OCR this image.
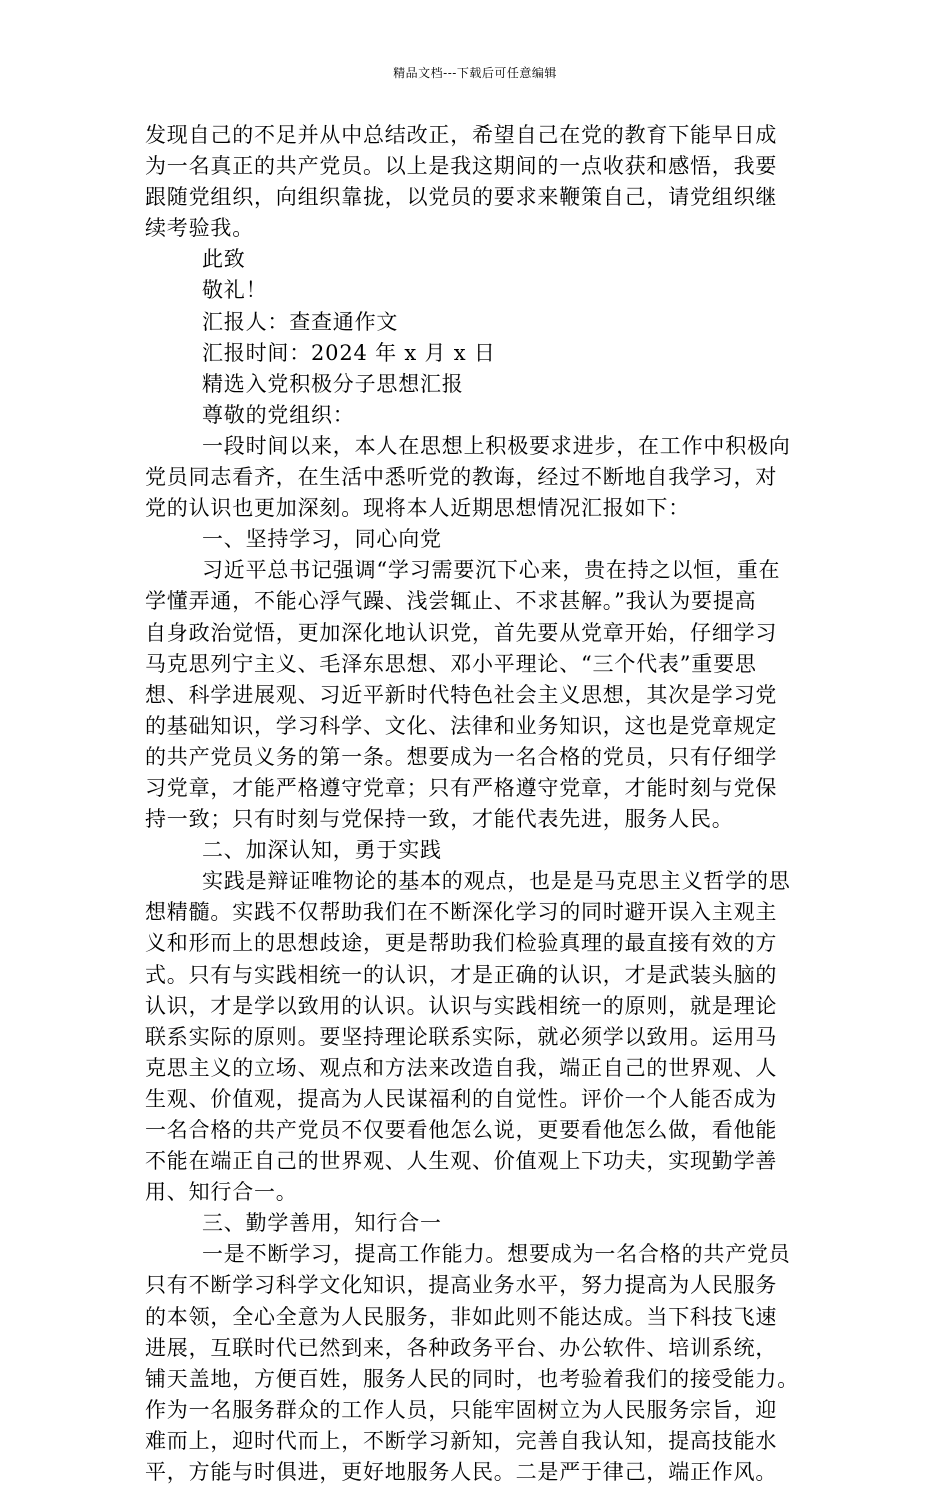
精品文档---下载后可任意编辑

发现自己的不足并从中总结改正，希望自己在党的教育下能早日成

为一名真正的共产党员。以上是我这期间的一点收获和感悟，我要

跟随党组织，向组织靠拢，以党员的要求来鞭策自己，请党组织继

续考验我。

此致

敬礼！

汇报人：查查通作文

汇报时间：2024 年 x 月 x 日

精选入党积极分子思想汇报

尊敬的党组织：

一段时间以来，本人在思想上积极要求进步，在工作中积极向

党员同志看齐，在生活中悉听党的教诲，经过不断地自我学习，对

党的认识也更加深刻。现将本人近期思想情况汇报如下：

一、坚持学习，同心向党

习近平总书记强调“学习需要沉下心来，贵在持之以恒，重在

学懂弄通，不能心浮气躁、浅尝辄止、不求甚解。”我认为要提高

自身政治觉悟，更加深化地认识党，首先要从党章开始，仔细学习

马克思列宁主义、毛泽东思想、邓小平理论、“三个代表”重要思

想、科学进展观、习近平新时代特色社会主义思想，其次是学习党

的基础知识，学习科学、文化、法律和业务知识，这也是党章规定

的共产党员义务的第一条。想要成为一名合格的党员，只有仔细学

习党章，才能严格遵守党章；只有严格遵守党章，才能时刻与党保

持一致；只有时刻与党保持一致，才能代表先进，服务人民。

二、加深认知，勇于实践

实践是辩证唯物论的基本的观点，也是是马克思主义哲学的思

想精髓。实践不仅帮助我们在不断深化学习的同时避开误入主观主

义和形而上的思想歧途，更是帮助我们检验真理的最直接有效的方

式。只有与实践相统一的认识，才是正确的认识，才是武装头脑的

认识，才是学以致用的认识。认识与实践相统一的原则，就是理论

联系实际的原则。要坚持理论联系实际，就必须学以致用。运用马

克思主义的立场、观点和方法来改造自我，端正自己的世界观、人

生观、价值观，提高为人民谋福利的自觉性。评价一个人能否成为

一名合格的共产党员不仅要看他怎么说，更要看他怎么做，看他能

不能在端正自己的世界观、人生观、价值观上下功夫，实现勤学善

用、知行合一。

三、勤学善用，知行合一

一是不断学习，提高工作能力。想要成为一名合格的共产党员

只有不断学习科学文化知识，提高业务水平，努力提高为人民服务

的本领，全心全意为人民服务，非如此则不能达成。当下科技飞速

进展，互联时代已然到来，各种政务平台、办公软件、培训系统，

铺天盖地，方便百姓，服务人民的同时，也考验着我们的接受能力。

作为一名服务群众的工作人员，只能牢固树立为人民服务宗旨，迎

难而上，迎时代而上，不断学习新知，完善自我认知，提高技能水

平，方能与时俱进，更好地服务人民。二是严于律己，端正作风。
